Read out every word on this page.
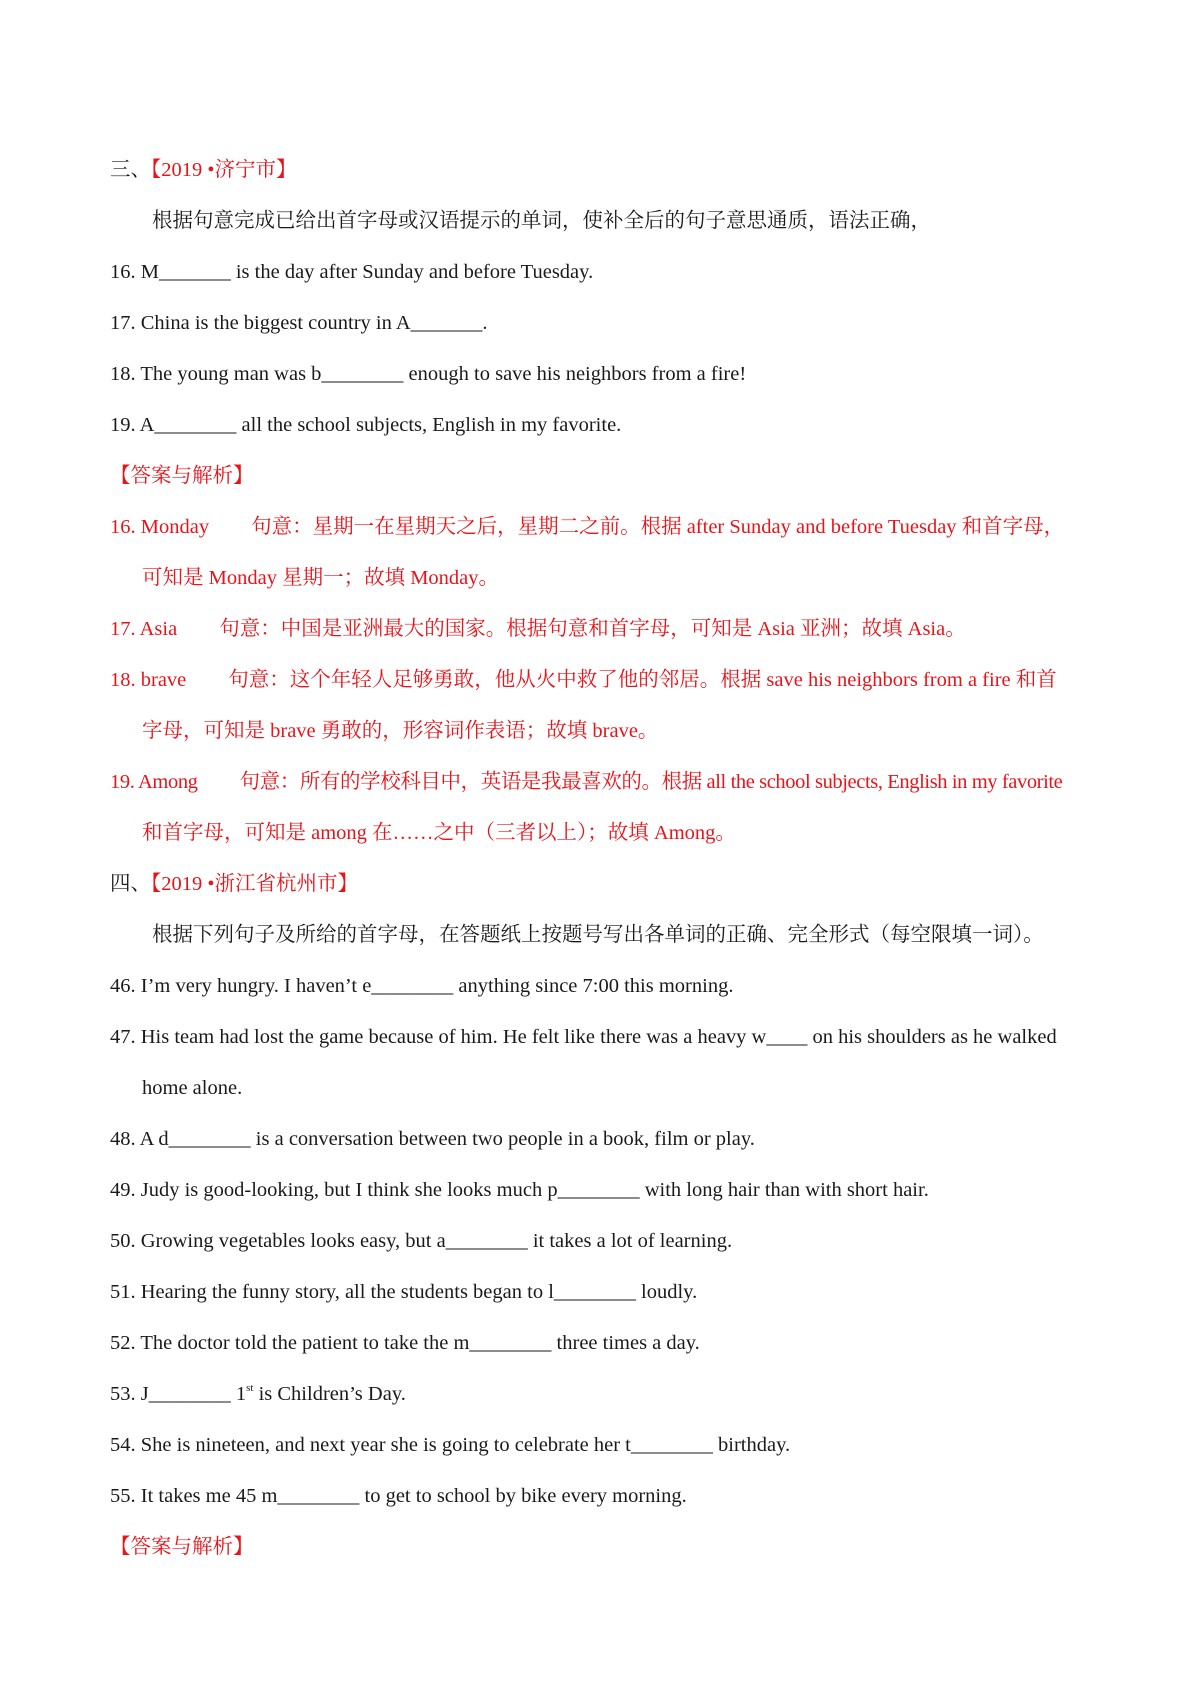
三、【2019 •济宁市】
根据句意完成已给出首字母或汉语提示的单词，使补全后的句子意思通质，语法正确，
16. M_______ is the day after Sunday and before Tuesday.
17. China is the biggest country in A_______.
18. The young man was b________ enough to save his neighbors from a fire!
19. A________ all the school subjects, English in my favorite.
【答案与解析】
16. Monday 句意：星期一在星期天之后，星期二之前。根据 after Sunday and before Tuesday 和首字母，
可知是 Monday 星期一；故填 Monday。
17. Asia 句意：中国是亚洲最大的国家。根据句意和首字母，可知是 Asia 亚洲；故填 Asia。
18. brave 句意：这个年轻人足够勇敢，他从火中救了他的邻居。根据 save his neighbors from a fire 和首
字母，可知是 brave 勇敢的，形容词作表语；故填 brave。
19. Among 句意：所有的学校科目中，英语是我最喜欢的。根据 all the school subjects, English in my favorite
和首字母，可知是 among 在……之中（三者以上）；故填 Among。
四、【2019 •浙江省杭州市】
根据下列句子及所给的首字母，在答题纸上按题号写出各单词的正确、完全形式（每空限填一词）。
46. I’m very hungry. I haven’t e________ anything since 7:00 this morning.
47. His team had lost the game because of him. He felt like there was a heavy w____ on his shoulders as he walked
home alone.
48. A d________ is a conversation between two people in a book, film or play.
49. Judy is good-looking, but I think she looks much p________ with long hair than with short hair.
50. Growing vegetables looks easy, but a________ it takes a lot of learning.
51. Hearing the funny story, all the students began to l________ loudly.
52. The doctor told the patient to take the m________ three times a day.
53. J________ 1st is Children’s Day.
54. She is nineteen, and next year she is going to celebrate her t________ birthday.
55. It takes me 45 m________ to get to school by bike every morning.
【答案与解析】
